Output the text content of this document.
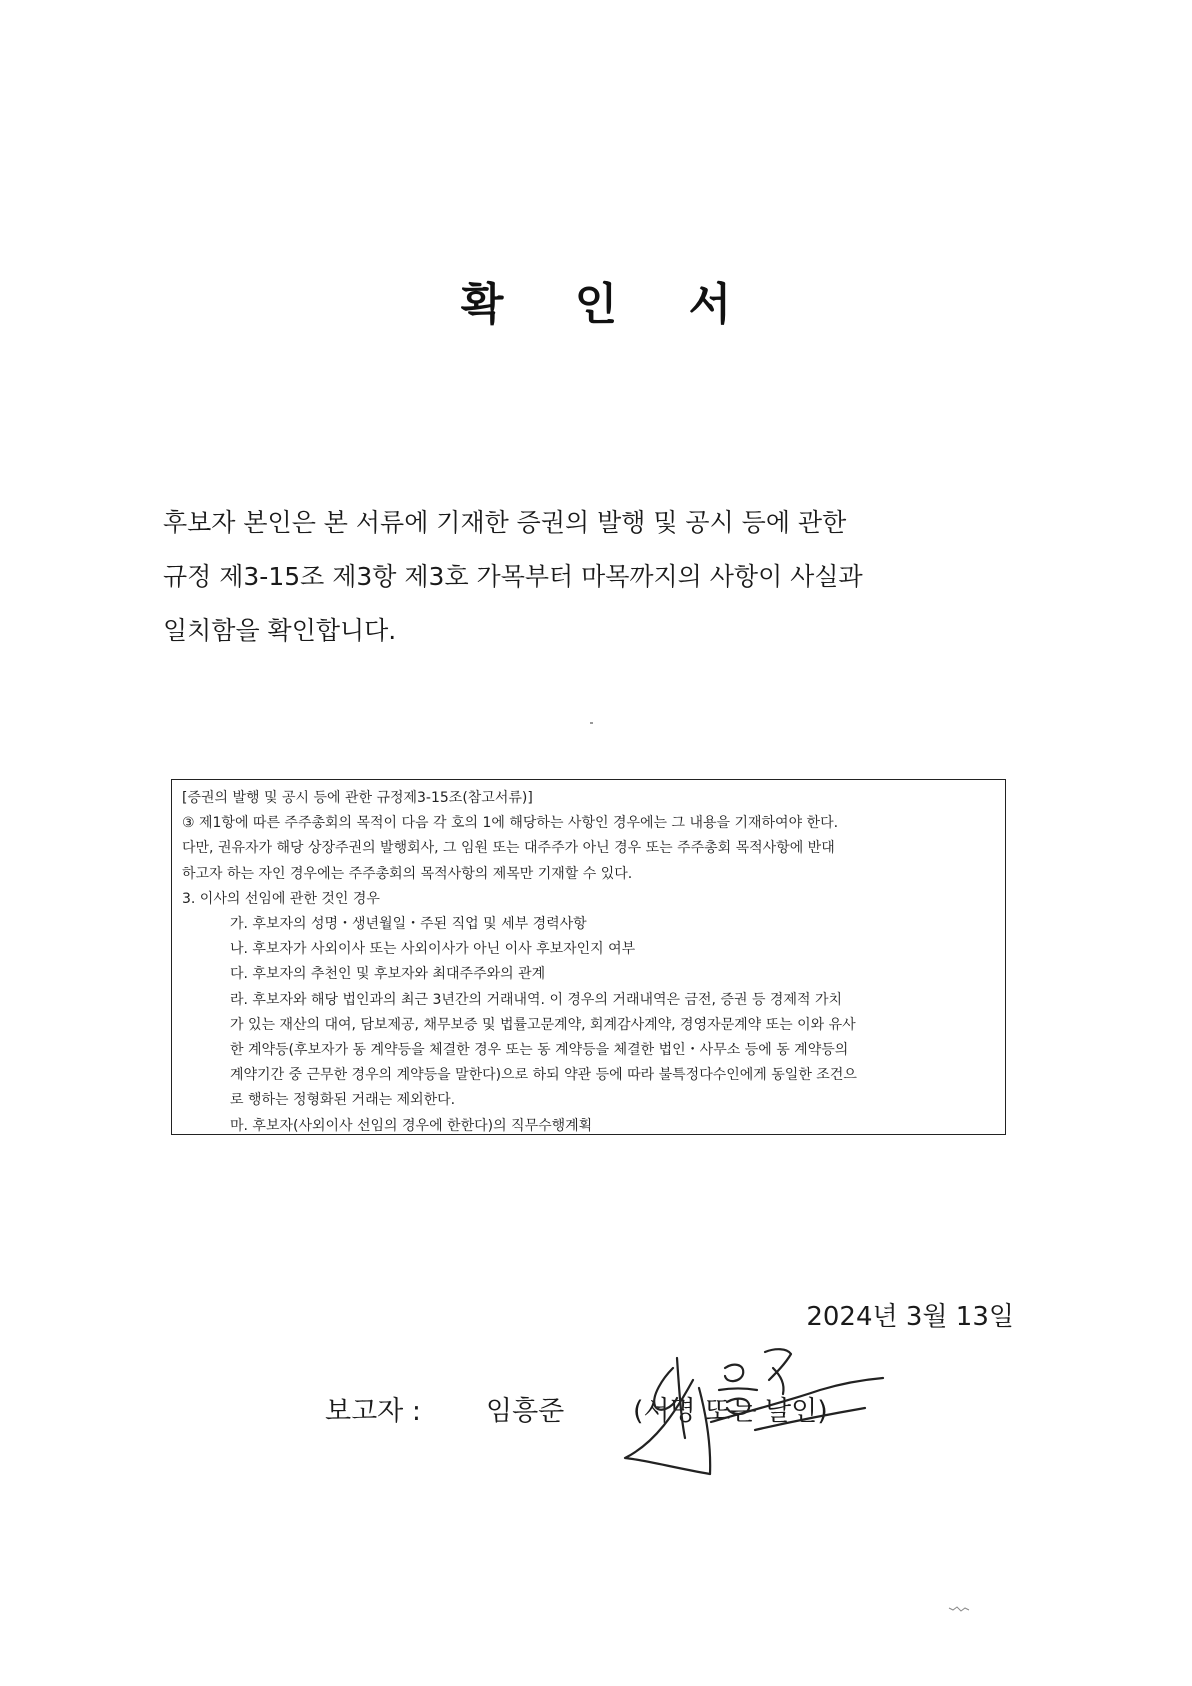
확 인 서
후보자 본인은 본 서류에 기재한 증권의 발행 및 공시 등에 관한
규정 제3-15조 제3항 제3호 가목부터 마목까지의 사항이 사실과
일치함을 확인합니다.
[증권의 발행 및 공시 등에 관한 규정제3-15조(참고서류)]
③ 제1항에 따른 주주총회의 목적이 다음 각 호의 1에 해당하는 사항인 경우에는 그 내용을 기재하여야 한다.
다만, 권유자가 해당 상장주권의 발행회사, 그 임원 또는 대주주가 아닌 경우 또는 주주총회 목적사항에 반대
하고자 하는 자인 경우에는 주주총회의 목적사항의 제목만 기재할 수 있다.
3. 이사의 선임에 관한 것인 경우
가. 후보자의 성명・생년월일・주된 직업 및 세부 경력사항
나. 후보자가 사외이사 또는 사외이사가 아닌 이사 후보자인지 여부
다. 후보자의 추천인 및 후보자와 최대주주와의 관계
라. 후보자와 해당 법인과의 최근 3년간의 거래내역. 이 경우의 거래내역은 금전, 증권 등 경제적 가치
가 있는 재산의 대여, 담보제공, 채무보증 및 법률고문계약, 회계감사계약, 경영자문계약 또는 이와 유사
한 계약등(후보자가 동 계약등을 체결한 경우 또는 동 계약등을 체결한 법인・사무소 등에 동 계약등의
계약기간 중 근무한 경우의 계약등을 말한다)으로 하되 약관 등에 따라 불특정다수인에게 동일한 조건으
로 행하는 정형화된 거래는 제외한다.
마. 후보자(사외이사 선임의 경우에 한한다)의 직무수행계획
2024년 3월 13일
보고자 : 임흥준	(서명 또는 날인)
